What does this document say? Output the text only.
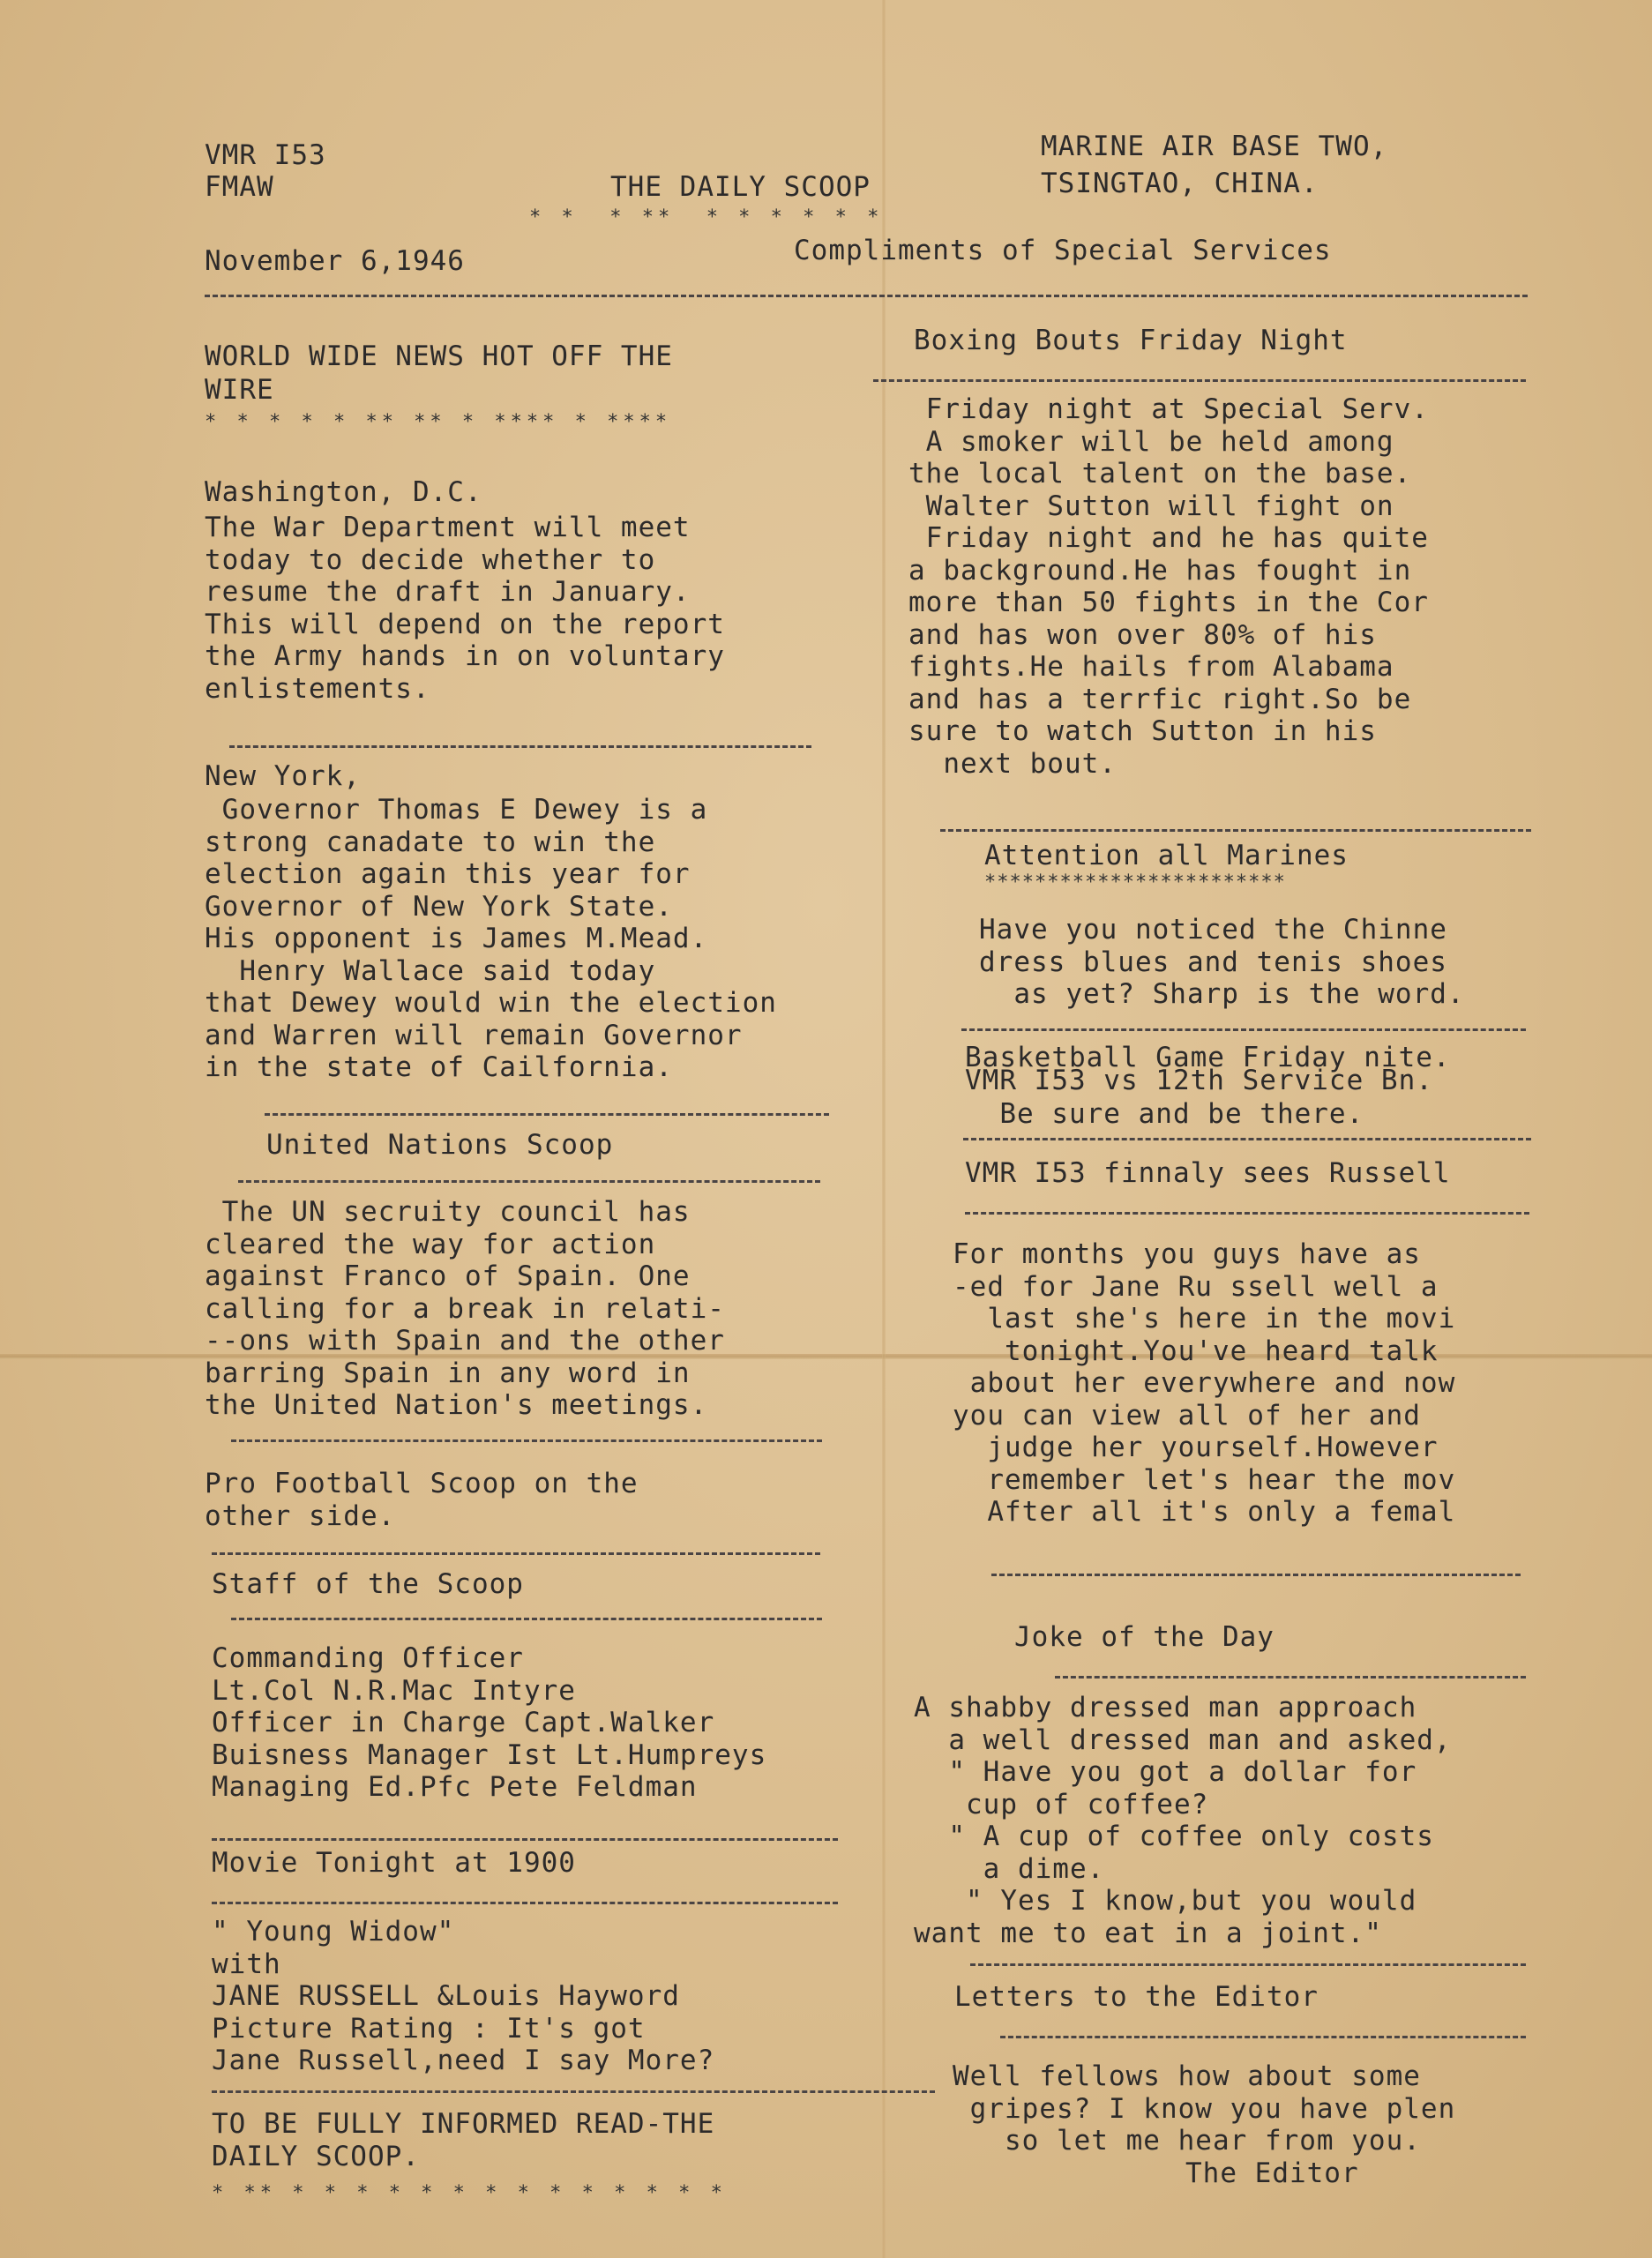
VMR I53
FMAW	THE DAILY SCOOP
* *  * **  * * * * * *
MARINE AIR BASE TWO,
TSINGTAO, CHINA.
November 6,1946	Compliments of Special Services
WORLD WIDE NEWS HOT OFF THE
WIRE
* * * * * ** ** * **** * ****
Washington, D.C.
The War Department will meet
today to decide whether to
resume the draft in January.
This will depend on the report
the Army hands in on voluntary
enlistements.
New York,
Governor Thomas E Dewey is a
strong canadate to win the
election again this year for
Governor of New York State.
His opponent is James M.Mead.
Henry Wallace said today
that Dewey would win the election
and Warren will remain Governor
in the state of Cailfornia.
United Nations Scoop
The UN secruity council has
cleared the way for action
against Franco of Spain. One
calling for a break in relati-
--ons with Spain and the other
barring Spain in any word in
the United Nation's meetings.
Pro Football Scoop on the
other side.
Staff of the Scoop
Commanding Officer
Lt.Col N.R.Mac Intyre
Officer in Charge Capt.Walker
Buisness Manager Ist Lt.Humpreys
Managing Ed.Pfc Pete Feldman
Movie Tonight at 1900
" Young Widow"
with
JANE RUSSELL &Louis Hayword
Picture Rating : It's got
Jane Russell,need I say More?
TO BE FULLY INFORMED READ-THE
DAILY SCOOP.
* ** * * * * * * * * * * * * * *
Boxing Bouts Friday Night
Friday night at Special Serv.
A smoker will be held among
the local talent on the base.
Walter Sutton will fight on
Friday night and he has quite
a background.He has fought in
more than 50 fights in the Cor
and has won over 80% of his
fights.He hails from Alabama
and has a terrfic right.So be
sure to watch Sutton in his
next bout.
Attention all Marines
************************
Have you noticed the Chinne
dress blues and tenis shoes
as yet? Sharp is the word.
Basketball Game Friday nite.
VMR I53 vs 12th Service Bn.
Be sure and be there.
VMR I53 finnaly sees Russell
For months you guys have as
-ed for Jane Ru ssell well a
last she's here in the movi
tonight.You've heard talk
about her everywhere and now
you can view all of her and
judge her yourself.However
remember let's hear the mov
After all it's only a femal
Joke of the Day
A shabby dressed man approach
a well dressed man and asked,
" Have you got a dollar for
cup of coffee?
" A cup of coffee only costs
a dime.
" Yes I know,but you would
want me to eat in a joint."
Letters to the Editor
Well fellows how about some
gripes? I know you have plen
so let me hear from you.
The Editor
